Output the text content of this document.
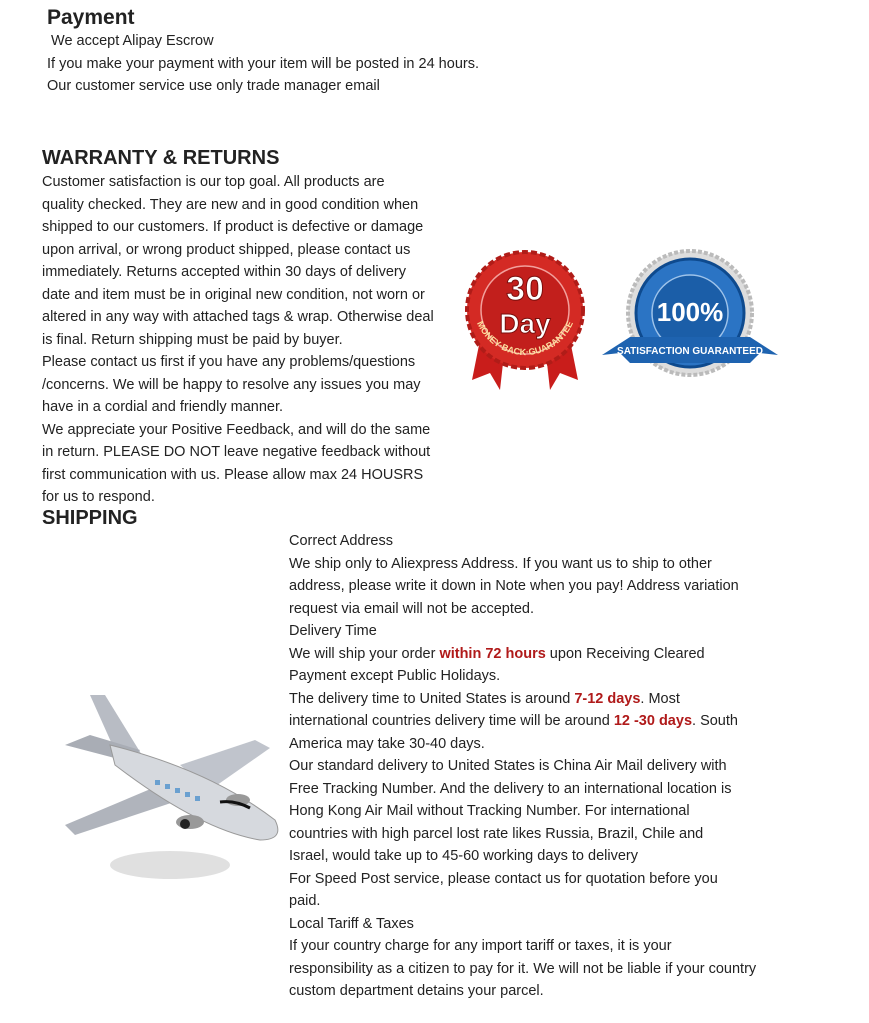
Payment
We accept Alipay Escrow
If you make your payment with your item will be posted in 24 hours.
Our customer service use only trade manager email
WARRANTY & RETURNS
Customer satisfaction is our top goal. All products are
quality checked. They are new and in good condition when
shipped to our customers. If product is defective or damage
upon arrival, or wrong product shipped, please contact us
immediately. Returns accepted within 30 days of delivery
date and item must be in original new condition, not worn or
altered in any way with attached tags & wrap. Otherwise deal
is final. Return shipping must be paid by buyer.
Please contact us first if you have any problems/questions
/concerns. We will be happy to resolve any issues you may
have in a cordial and friendly manner.
We appreciate your Positive Feedback, and will do the same
in return. PLEASE DO NOT leave negative feedback without
first communication with us. Please allow max 24 HOUSRS
for us to respond.
MONEY·BACK·GUARANTEE
30
Day	100%
SATISFACTION GUARANTEED
SHIPPING
Correct Address
We ship only to Aliexpress Address. If you want us to ship to other
address, please write it down in Note when you pay! Address variation
request via email will not be accepted.
Delivery Time
We will ship your order within 72 hours upon Receiving Cleared
Payment except Public Holidays.
The delivery time to United States is around 7-12 days. Most
international countries delivery time will be around 12 -30 days. South
America may take 30-40 days.
Our standard delivery to United States is China Air Mail delivery with
Free Tracking Number. And the delivery to an international location is
Hong Kong Air Mail without Tracking Number. For international
countries with high parcel lost rate likes Russia, Brazil, Chile and
Israel, would take up to 45-60 working days to delivery
For Speed Post service, please contact us for quotation before you
paid.
Local Tariff & Taxes
If your country charge for any import tariff or taxes, it is your
responsibility as a citizen to pay for it. We will not be liable if your country
custom department detains your parcel.
